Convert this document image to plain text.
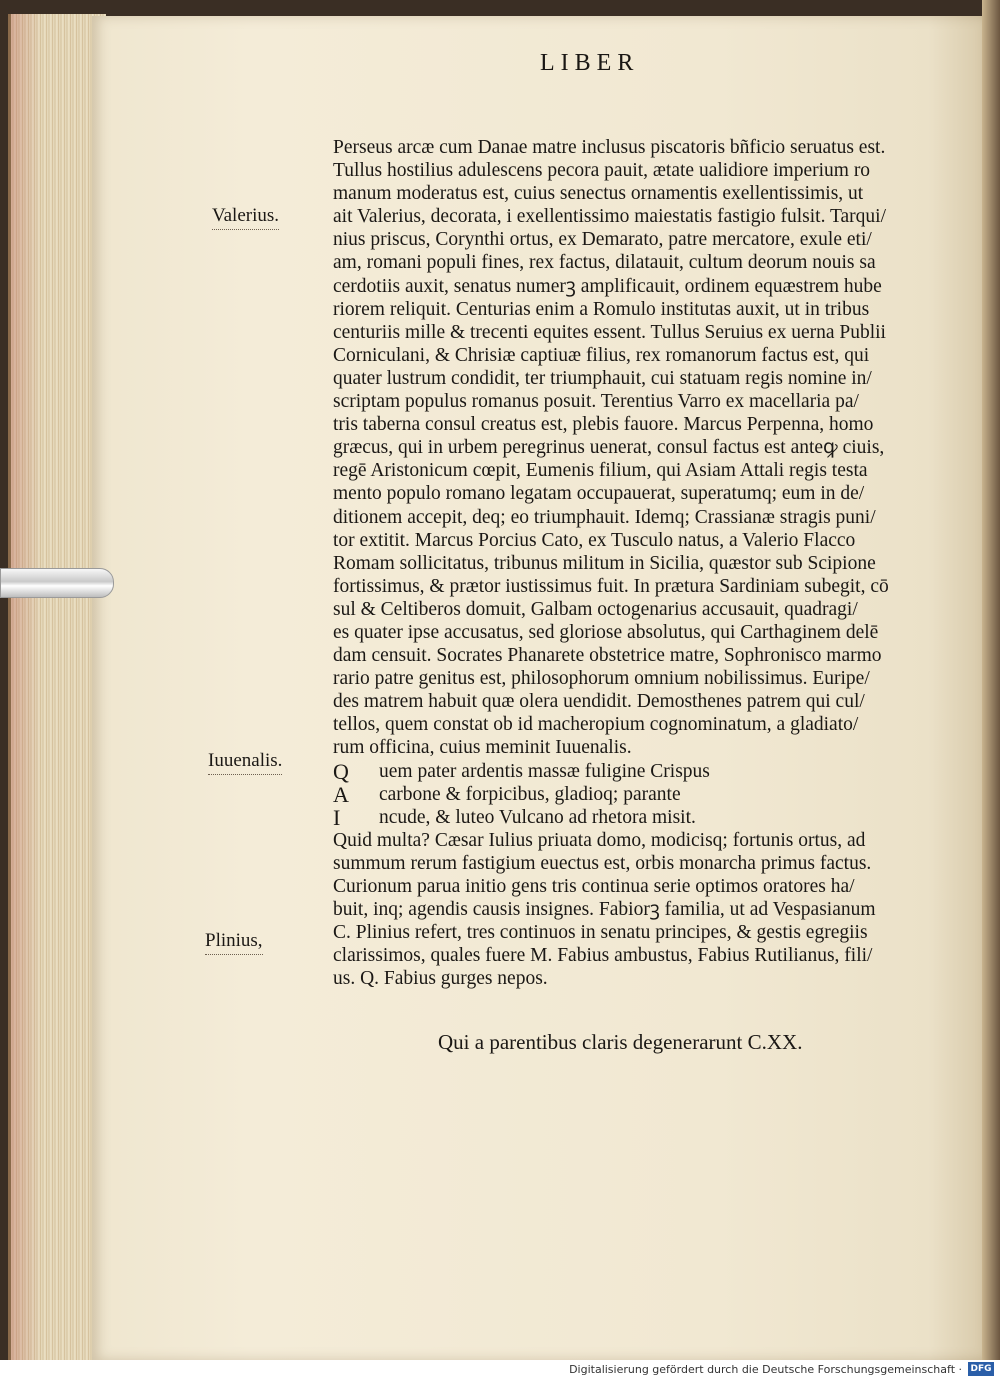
LIBER
Valerius.
Iuuenalis.
Plinius,
Perseus arcæ cum Danae matre inclusus piscatoris bñficio seruatus est.
Tullus hostilius adulescens pecora pauit, ætate ualidiore imperium ro
manum moderatus est, cuius senectus ornamentis exellentissimis, ut
ait Valerius, decorata, i exellentissimo maiestatis fastigio fulsit. Tarqui/
nius priscus, Corynthi ortus, ex Demarato, patre mercatore, exule eti/
am, romani populi fines, rex factus, dilatauit, cultum deorum nouis sa
cerdotiis auxit, senatus numerꝫ amplificauit, ordinem equæstrem hube
riorem reliquit. Centurias enim a Romulo institutas auxit, ut in tribus
centuriis mille & trecenti equites essent. Tullus Seruius ex uerna Publii
Corniculani, & Chrisiæ captiuæ filius, rex romanorum factus est, qui
quater lustrum condidit, ter triumphauit, cui statuam regis nomine in/
scriptam populus romanus posuit. Terentius Varro ex macellaria pa/
tris taberna consul creatus est, plebis fauore. Marcus Perpenna, homo
græcus, qui in urbem peregrinus uenerat, consul factus est anteꝙ ciuis,
regē Aristonicum cœpit, Eumenis filium, qui Asiam Attali regis testa
mento populo romano legatam occupauerat, superatumq; eum in de/
ditionem accepit, deq; eo triumphauit. Idemq; Crassianæ stragis puni/
tor extitit. Marcus Porcius Cato, ex Tusculo natus, a Valerio Flacco
Romam sollicitatus, tribunus militum in Sicilia, quæstor sub Scipione
fortissimus, & prætor iustissimus fuit. In prætura Sardiniam subegit, cō
sul & Celtiberos domuit, Galbam octogenarius accusauit, quadragi/
es quater ipse accusatus, sed gloriose absolutus, qui Carthaginem delē
dam censuit. Socrates Phanarete obstetrice matre, Sophronisco marmo
rario patre genitus est, philosophorum omnium nobilissimus. Euripe/
des matrem habuit quæ olera uendidit. Demosthenes patrem qui cul/
tellos, quem constat ob id macheropium cognominatum, a gladiato/
rum officina, cuius meminit Iuuenalis.
Q	uem pater ardentis massæ fuligine Crispus
A	carbone & forpicibus, gladioq; parante
I	ncude, & luteo Vulcano ad rhetora misit.
Quid multa? Cæsar Iulius priuata domo, modicisq; fortunis ortus, ad
summum rerum fastigium euectus est, orbis monarcha primus factus.
Curionum parua initio gens tris continua serie optimos oratores ha/
buit, inq; agendis causis insignes. Fabiorꝫ familia, ut ad Vespasianum
C. Plinius refert, tres continuos in senatu principes, & gestis egregiis
clarissimos, quales fuere M. Fabius ambustus, Fabius Rutilianus, fili/
us. Q. Fabius gurges nepos.
Qui a parentibus claris degenerarunt C.XX.
Digitalisierung gefördert durch die Deutsche Forschungsgemeinschaft · DFG
